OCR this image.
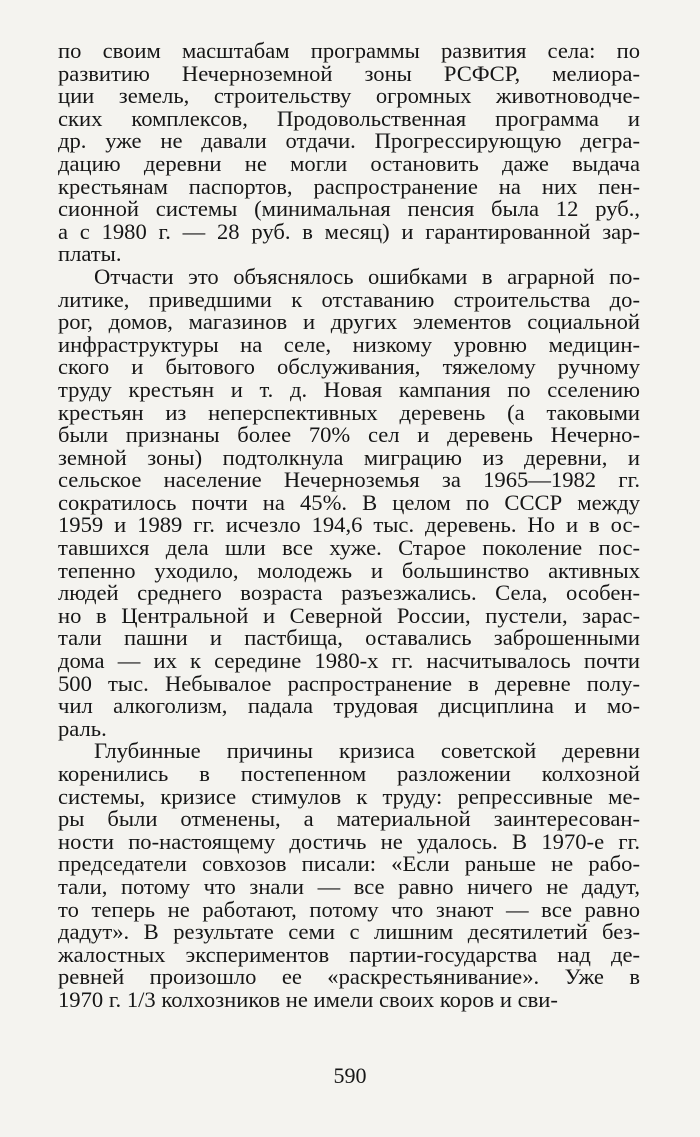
по своим масштабам программы развития села: по
развитию Нечерноземной зоны РСФСР, мелиора-
ции земель, строительству огромных животноводче-
ских комплексов, Продовольственная программа и
др. уже не давали отдачи. Прогрессирующую дегра-
дацию деревни не могли остановить даже выдача
крестьянам паспортов, распространение на них пен-
сионной системы (минимальная пенсия была 12 руб.,
а с 1980 г. — 28 руб. в месяц) и гарантированной зар-
платы.
Отчасти это объяснялось ошибками в аграрной по-
литике, приведшими к отставанию строительства до-
рог, домов, магазинов и других элементов социальной
инфраструктуры на селе, низкому уровню медицин-
ского и бытового обслуживания, тяжелому ручному
труду крестьян и т. д. Новая кампания по сселению
крестьян из неперспективных деревень (а таковыми
были признаны более 70% сел и деревень Нечерно-
земной зоны) подтолкнула миграцию из деревни, и
сельское население Нечерноземья за 1965—1982 гг.
сократилось почти на 45%. В целом по СССР между
1959 и 1989 гг. исчезло 194,6 тыс. деревень. Но и в ос-
тавшихся дела шли все хуже. Старое поколение пос-
тепенно уходило, молодежь и большинство активных
людей среднего возраста разъезжались. Села, особен-
но в Центральной и Северной России, пустели, зарас-
тали пашни и пастбища, оставались заброшенными
дома — их к середине 1980-х гг. насчитывалось почти
500 тыс. Небывалое распространение в деревне полу-
чил алкоголизм, падала трудовая дисциплина и мо-
раль.
Глубинные причины кризиса советской деревни
коренились в постепенном разложении колхозной
системы, кризисе стимулов к труду: репрессивные ме-
ры были отменены, а материальной заинтересован-
ности по-настоящему достичь не удалось. В 1970-е гг.
председатели совхозов писали: «Если раньше не рабо-
тали, потому что знали — все равно ничего не дадут,
то теперь не работают, потому что знают — все равно
дадут». В результате семи с лишним десятилетий без-
жалостных экспериментов партии-государства над де-
ревней произошло ее «раскрестьянивание». Уже в
1970 г. 1/3 колхозников не имели своих коров и сви-
590
